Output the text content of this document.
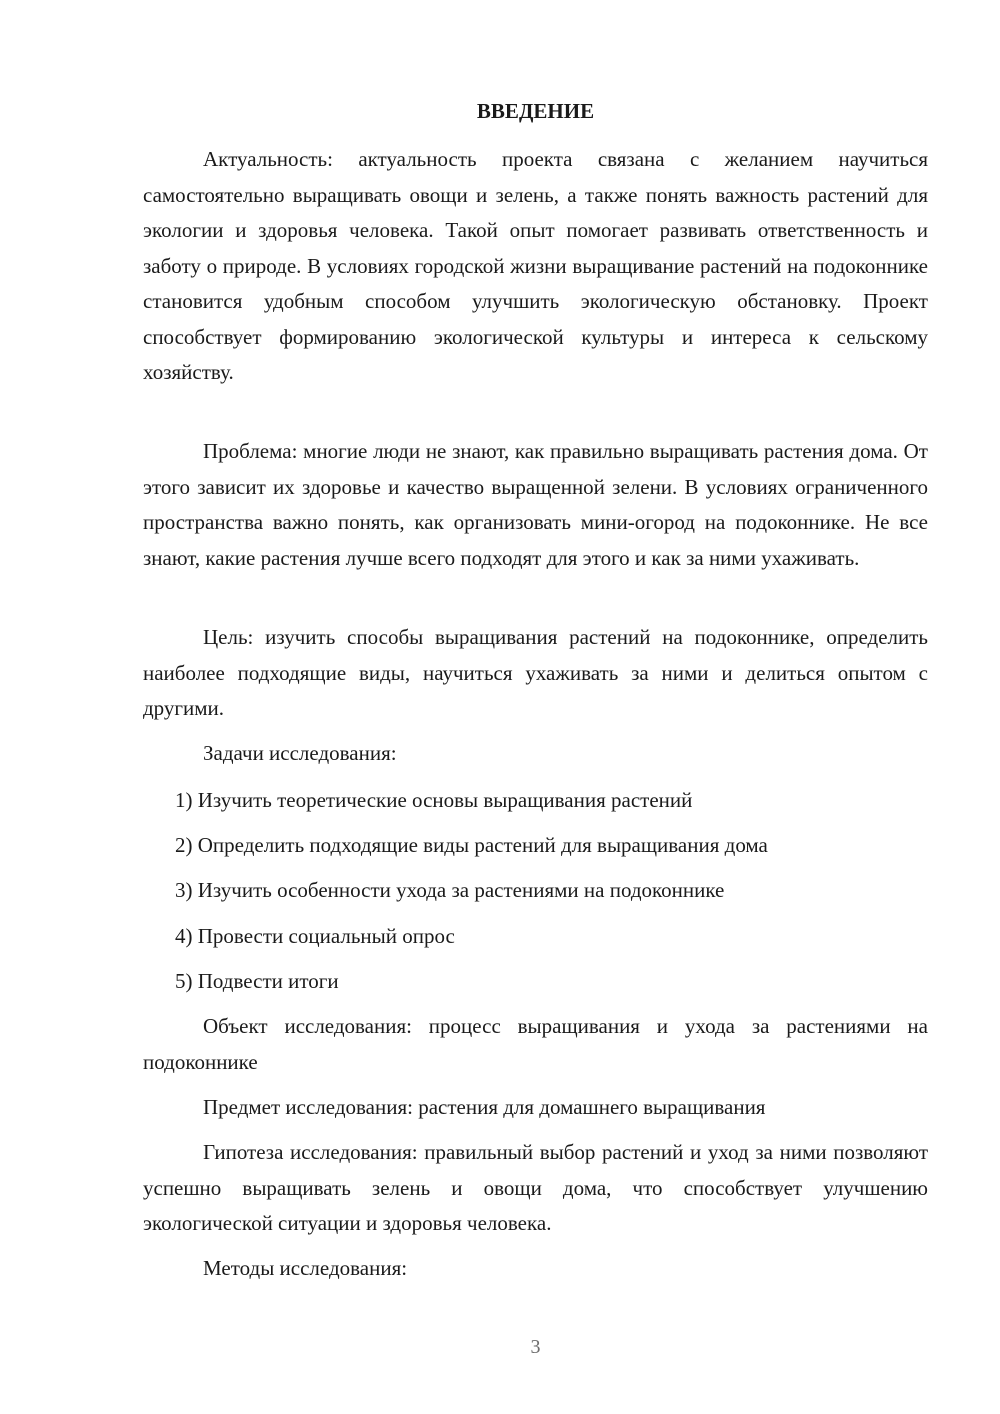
ВВЕДЕНИЕ

Актуальность: актуальность проекта связана с желанием научиться самостоятельно выращивать овощи и зелень, а также понять важность растений для экологии и здоровья человека. Такой опыт помогает развивать ответственность и заботу о природе. В условиях городской жизни выращивание растений на подоконнике становится удобным способом улучшить экологическую обстановку. Проект способствует формированию экологической культуры и интереса к сельскому хозяйству.

Проблема: многие люди не знают, как правильно выращивать растения дома. От этого зависит их здоровье и качество выращенной зелени. В условиях ограниченного пространства важно понять, как организовать мини-огород на подоконнике. Не все знают, какие растения лучше всего подходят для этого и как за ними ухаживать.

Цель: изучить способы выращивания растений на подоконнике, определить наиболее подходящие виды, научиться ухаживать за ними и делиться опытом с другими.

Задачи исследования:

1) Изучить теоретические основы выращивания растений
2) Определить подходящие виды растений для выращивания дома
3) Изучить особенности ухода за растениями на подоконнике
4) Провести социальный опрос
5) Подвести итоги

Объект исследования: процесс выращивания и ухода за растениями на подоконнике

Предмет исследования: растения для домашнего выращивания

Гипотеза исследования: правильный выбор растений и уход за ними позволяют успешно выращивать зелень и овощи дома, что способствует улучшению экологической ситуации и здоровья человека.

Методы исследования:

3
